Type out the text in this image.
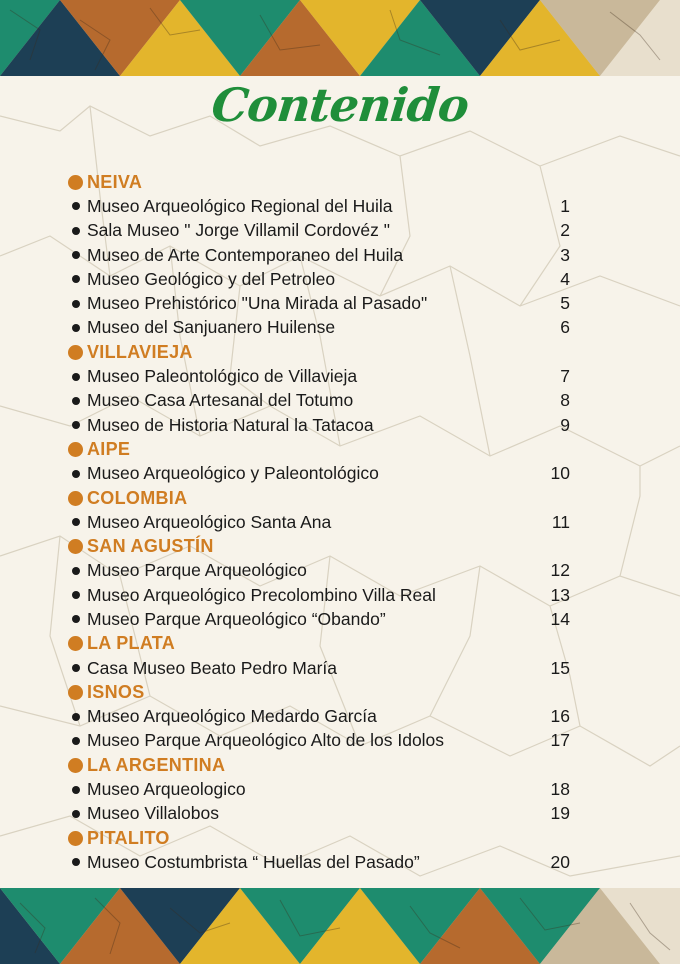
Contenido
NEIVA
Museo Arqueológico Regional del Huila	1
Sala Museo " Jorge Villamil Cordovéz "	2
Museo de Arte Contemporaneo del Huila	3
Museo Geológico y del Petroleo	4
Museo Prehistórico "Una Mirada al Pasado"	5
Museo del Sanjuanero Huilense	6
VILLAVIEJA
Museo Paleontológico de Villavieja	7
Museo Casa Artesanal del Totumo	8
Museo de Historia Natural la Tatacoa	9
AIPE
Museo Arqueológico y Paleontológico	10
COLOMBIA
Museo Arqueológico Santa Ana	11
SAN AGUSTÍN
Museo Parque Arqueológico	12
Museo Arqueológico Precolombino Villa Real	13
Museo Parque Arqueológico “Obando”	14
LA PLATA
Casa Museo Beato Pedro María	15
ISNOS
Museo Arqueológico Medardo García	16
Museo Parque Arqueológico Alto de los Idolos	17
LA ARGENTINA
Museo Arqueologico	18
Museo Villalobos	19
PITALITO
Museo Costumbrista “ Huellas del Pasado”	20
